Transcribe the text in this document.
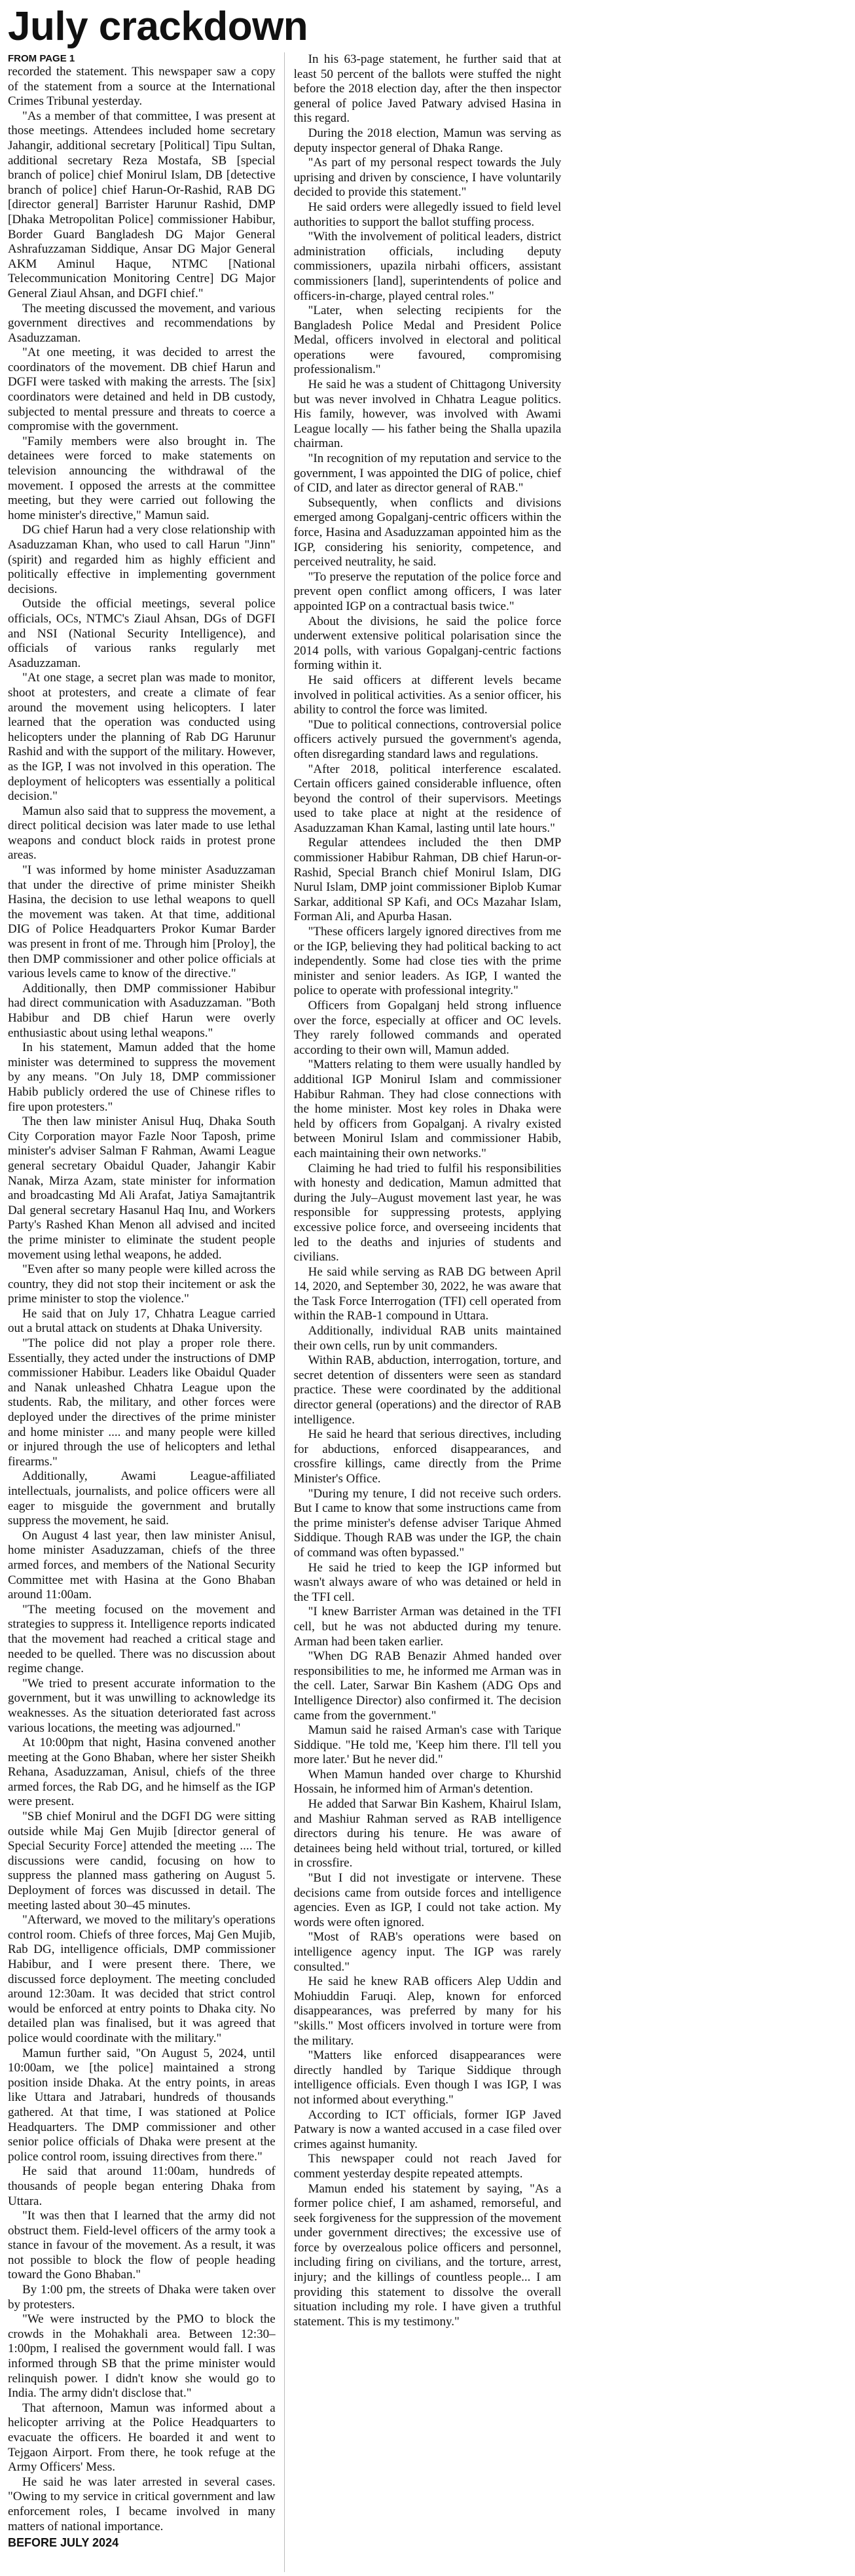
July crackdown
FROM PAGE 1

recorded the statement. This newspaper saw a copy of the statement from a source at the International Crimes Tribunal yesterday.

"As a member of that committee, I was present at those meetings. Attendees included home secretary Jahangir, additional secretary [Political] Tipu Sultan, additional secretary Reza Mostafa, SB [special branch of police] chief Monirul Islam, DB [detective branch of police] chief Harun-Or-Rashid, RAB DG [director general] Barrister Harunur Rashid, DMP [Dhaka Metropolitan Police] commissioner Habibur, Border Guard Bangladesh DG Major General Ashrafuzzaman Siddique, Ansar DG Major General AKM Aminul Haque, NTMC [National Telecommunication Monitoring Centre] DG Major General Ziaul Ahsan, and DGFI chief."

The meeting discussed the movement, and various government directives and recommendations by Asaduzzaman.

"At one meeting, it was decided to arrest the coordinators of the movement. DB chief Harun and DGFI were tasked with making the arrests. The [six] coordinators were detained and held in DB custody, subjected to mental pressure and threats to coerce a compromise with the government.

"Family members were also brought in. The detainees were forced to make statements on television announcing the withdrawal of the movement. I opposed the arrests at the committee meeting, but they were carried out following the home minister's directive," Mamun said.

DG chief Harun had a very close relationship with Asaduzzaman Khan, who used to call Harun "Jinn" (spirit) and regarded him as highly efficient and politically effective in implementing government decisions.

Outside the official meetings, several police officials, OCs, NTMC's Ziaul Ahsan, DGs of DGFI and NSI (National Security Intelligence), and officials of various ranks regularly met Asaduzzaman.

"At one stage, a secret plan was made to monitor, shoot at protesters, and create a climate of fear around the movement using helicopters. I later learned that the operation was conducted using helicopters under the planning of Rab DG Harunur Rashid and with the support of the military. However, as the IGP, I was not involved in this operation. The deployment of helicopters was essentially a political decision."

Mamun also said that to suppress the movement, a direct political decision was later made to use lethal weapons and conduct block raids in protest prone areas.

"I was informed by home minister Asaduzzaman that under the directive of prime minister Sheikh Hasina, the decision to use lethal weapons to quell the movement was taken. At that time, additional DIG of Police Headquarters Prokor Kumar Barder was present in front of me. Through him [Proloy], the then DMP commissioner and other police officials at various levels came to know of the directive."

Additionally, then DMP commissioner Habibur had direct communication with Asaduzzaman. "Both Habibur and DB chief Harun were overly enthusiastic about using lethal weapons."

In his statement, Mamun added that the home minister was determined to suppress the movement by any means. "On July 18, DMP commissioner Habib publicly ordered the use of Chinese rifles to fire upon protesters."

The then law minister Anisul Huq, Dhaka South City Corporation mayor Fazle Noor Taposh, prime minister's adviser Salman F Rahman, Awami League general secretary Obaidul Quader, Jahangir Kabir Nanak, Mirza Azam, state minister for information and broadcasting Md Ali Arafat, Jatiya Samajtantrik Dal general secretary Hasanul Haq Inu, and Workers Party's Rashed Khan Menon all advised and incited the prime minister to eliminate the student people movement using lethal weapons, he added.

"Even after so many people were killed across the country, they did not stop their incitement or ask the prime minister to stop the violence."

He said that on July 17, Chhatra League carried out a brutal attack on students at Dhaka University.

"The police did not play a proper role there. Essentially, they acted under the instructions of DMP commissioner Habibur. Leaders like Obaidul Quader and Nanak unleashed Chhatra League upon the students. Rab, the military, and other forces were deployed under the directives of the prime minister and home minister .... and many people were killed or injured through the use of helicopters and lethal firearms."

Additionally, Awami League-affiliated intellectuals, journalists, and police officers were all eager to misguide the government and brutally suppress the movement, he said.

On August 4 last year, then law minister Anisul, home minister Asaduzzaman, chiefs of the three armed forces, and members of the National Security Committee met with Hasina at the Gono Bhaban around 11:00am.

"The meeting focused on the movement and strategies to suppress it. Intelligence reports indicated that the movement had reached a critical stage and needed to be quelled. There was no discussion about regime change.

"We tried to present accurate information to the government, but it was unwilling to acknowledge its weaknesses. As the situation deteriorated fast across various locations, the meeting was adjourned."

At 10:00pm that night, Hasina convened another meeting at the Gono Bhaban, where her sister Sheikh Rehana, Asaduzzaman, Anisul, chiefs of the three armed forces, the Rab DG, and he himself as the IGP were present.

"SB chief Monirul and the DGFI DG were sitting outside while Maj Gen Mujib [director general of Special Security Force] attended the meeting .... The discussions were candid, focusing on how to suppress the planned mass gathering on August 5. Deployment of forces was discussed in detail. The meeting lasted about 30–45 minutes.

"Afterward, we moved to the military's operations control room. Chiefs of three forces, Maj Gen Mujib, Rab DG, intelligence officials, DMP commissioner Habibur, and I were present there. There, we discussed force deployment. The meeting concluded around 12:30am. It was decided that strict control would be enforced at entry points to Dhaka city. No detailed plan was finalised, but it was agreed that police would coordinate with the military."

Mamun further said, "On August 5, 2024, until 10:00am, we [the police] maintained a strong position inside Dhaka. At the entry points, in areas like Uttara and Jatrabari, hundreds of thousands gathered. At that time, I was stationed at Police Headquarters. The DMP commissioner and other senior police officials of Dhaka were present at the police control room, issuing directives from there."

He said that around 11:00am, hundreds of thousands of people began entering Dhaka from Uttara.

"It was then that I learned that the army did not obstruct them. Field-level officers of the army took a stance in favour of the movement. As a result, it was not possible to block the flow of people heading toward the Gono Bhaban."

By 1:00 pm, the streets of Dhaka were taken over by protesters.

"We were instructed by the PMO to block the crowds in the Mohakhali area. Between 12:30–1:00pm, I realised the government would fall. I was informed through SB that the prime minister would relinquish power. I didn't know she would go to India. The army didn't disclose that."

That afternoon, Mamun was informed about a helicopter arriving at the Police Headquarters to evacuate the officers. He boarded it and went to Tejgaon Airport. From there, he took refuge at the Army Officers' Mess.

He said he was later arrested in several cases. "Owing to my service in critical government and law enforcement roles, I became involved in many matters of national importance.

BEFORE JULY 2024

In his 63-page statement, he further said that at least 50 percent of the ballots were stuffed the night before the 2018 election day, after the then inspector general of police Javed Patwary advised Hasina in this regard.

During the 2018 election, Mamun was serving as deputy inspector general of Dhaka Range.

"As part of my personal respect towards the July uprising and driven by conscience, I have voluntarily decided to provide this statement."

He said orders were allegedly issued to field level authorities to support the ballot stuffing process.

"With the involvement of political leaders, district administration officials, including deputy commissioners, upazila nirbahi officers, assistant commissioners [land], superintendents of police and officers-in-charge, played central roles."

"Later, when selecting recipients for the Bangladesh Police Medal and President Police Medal, officers involved in electoral and political operations were favoured, compromising professionalism."

He said he was a student of Chittagong University but was never involved in Chhatra League politics. His family, however, was involved with Awami League locally — his father being the Shalla upazila chairman.

"In recognition of my reputation and service to the government, I was appointed the DIG of police, chief of CID, and later as director general of RAB."

Subsequently, when conflicts and divisions emerged among Gopalganj-centric officers within the force, Hasina and Asaduzzaman appointed him as the IGP, considering his seniority, competence, and perceived neutrality, he said.

"To preserve the reputation of the police force and prevent open conflict among officers, I was later appointed IGP on a contractual basis twice."

About the divisions, he said the police force underwent extensive political polarisation since the 2014 polls, with various Gopalganj-centric factions forming within it.

He said officers at different levels became involved in political activities. As a senior officer, his ability to control the force was limited.

"Due to political connections, controversial police officers actively pursued the government's agenda, often disregarding standard laws and regulations.

"After 2018, political interference escalated. Certain officers gained considerable influence, often beyond the control of their supervisors. Meetings used to take place at night at the residence of Asaduzzaman Khan Kamal, lasting until late hours."

Regular attendees included the then DMP commissioner Habibur Rahman, DB chief Harun-or-Rashid, Special Branch chief Monirul Islam, DIG Nurul Islam, DMP joint commissioner Biplob Kumar Sarkar, additional SP Kafi, and OCs Mazahar Islam, Forman Ali, and Apurba Hasan.

"These officers largely ignored directives from me or the IGP, believing they had political backing to act independently. Some had close ties with the prime minister and senior leaders. As IGP, I wanted the police to operate with professional integrity."

Officers from Gopalganj held strong influence over the force, especially at officer and OC levels. They rarely followed commands and operated according to their own will, Mamun added.

"Matters relating to them were usually handled by additional IGP Monirul Islam and commissioner Habibur Rahman. They had close connections with the home minister. Most key roles in Dhaka were held by officers from Gopalganj. A rivalry existed between Monirul Islam and commissioner Habib, each maintaining their own networks."

Claiming he had tried to fulfil his responsibilities with honesty and dedication, Mamun admitted that during the July–August movement last year, he was responsible for suppressing protests, applying excessive police force, and overseeing incidents that led to the deaths and injuries of students and civilians.

He said while serving as RAB DG between April 14, 2020, and September 30, 2022, he was aware that the Task Force Interrogation (TFI) cell operated from within the RAB-1 compound in Uttara.

Additionally, individual RAB units maintained their own cells, run by unit commanders.

Within RAB, abduction, interrogation, torture, and secret detention of dissenters were seen as standard practice. These were coordinated by the additional director general (operations) and the director of RAB intelligence.

He said he heard that serious directives, including for abductions, enforced disappearances, and crossfire killings, came directly from the Prime Minister's Office.

"During my tenure, I did not receive such orders. But I came to know that some instructions came from the prime minister's defense adviser Tarique Ahmed Siddique. Though RAB was under the IGP, the chain of command was often bypassed."

He said he tried to keep the IGP informed but wasn't always aware of who was detained or held in the TFI cell.

"I knew Barrister Arman was detained in the TFI cell, but he was not abducted during my tenure. Arman had been taken earlier.

"When DG RAB Benazir Ahmed handed over responsibilities to me, he informed me Arman was in the cell. Later, Sarwar Bin Kashem (ADG Ops and Intelligence Director) also confirmed it. The decision came from the government."

Mamun said he raised Arman's case with Tarique Siddique. "He told me, 'Keep him there. I'll tell you more later.' But he never did."

When Mamun handed over charge to Khurshid Hossain, he informed him of Arman's detention.

He added that Sarwar Bin Kashem, Khairul Islam, and Mashiur Rahman served as RAB intelligence directors during his tenure. He was aware of detainees being held without trial, tortured, or killed in crossfire.

"But I did not investigate or intervene. These decisions came from outside forces and intelligence agencies. Even as IGP, I could not take action. My words were often ignored.

"Most of RAB's operations were based on intelligence agency input. The IGP was rarely consulted."

He said he knew RAB officers Alep Uddin and Mohiuddin Faruqi. Alep, known for enforced disappearances, was preferred by many for his "skills." Most officers involved in torture were from the military.

"Matters like enforced disappearances were directly handled by Tarique Siddique through intelligence officials. Even though I was IGP, I was not informed about everything."

According to ICT officials, former IGP Javed Patwary is now a wanted accused in a case filed over crimes against humanity.

This newspaper could not reach Javed for comment yesterday despite repeated attempts.

Mamun ended his statement by saying, "As a former police chief, I am ashamed, remorseful, and seek forgiveness for the suppression of the movement under government directives; the excessive use of force by overzealous police officers and personnel, including firing on civilians, and the torture, arrest, injury; and the killings of countless people... I am providing this statement to dissolve the overall situation including my role. I have given a truthful statement. This is my testimony."
